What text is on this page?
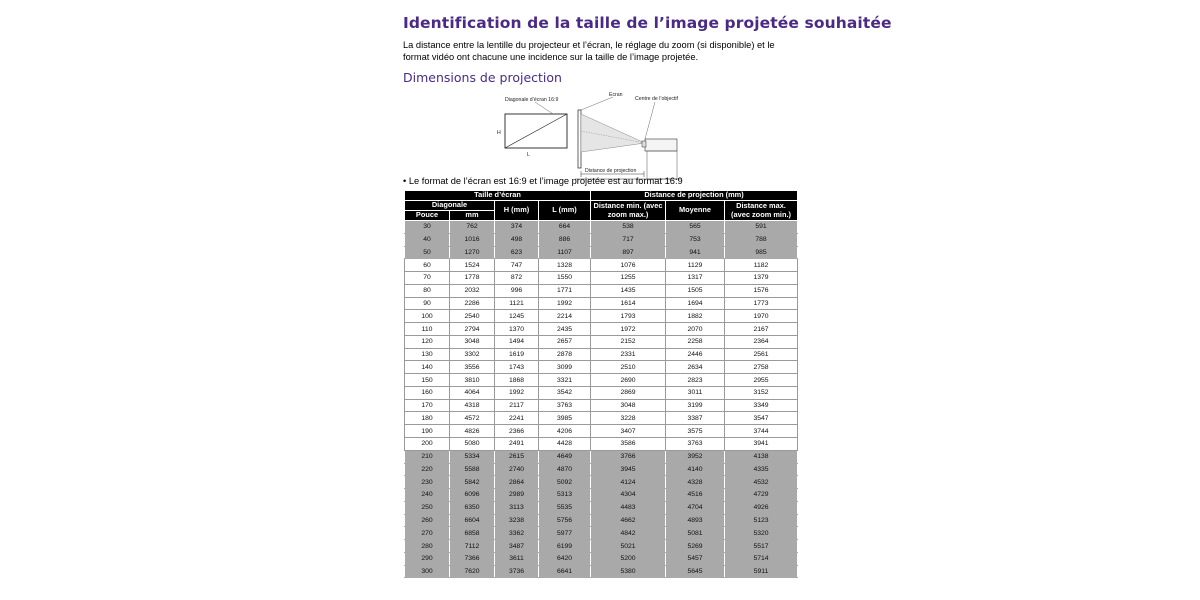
Identification de la taille de l’image projetée souhaitée
La distance entre la lentille du projecteur et l’écran, le réglage du zoom (si disponible) et le format vidéo ont chacune une incidence sur la taille de l’image projetée.
Dimensions de projection
Diagonale d’écran 16:9
H
L
Écran
Centre de l’objectif
Distance de projection
• Le format de l’écran est 16:9 et l’image projetée est au format 16:9
Taille d’écran				Distance de projection (mm)		
Diagonale		H (mm)	L (mm)	Distance min. (avec zoom max.)	Moyenne	Distance max. (avec zoom min.)
Pouce	mm					
30	762	374	664	538	565	591
40	1016	498	886	717	753	788
50	1270	623	1107	897	941	985
60	1524	747	1328	1076	1129	1182
70	1778	872	1550	1255	1317	1379
80	2032	996	1771	1435	1505	1576
90	2286	1121	1992	1614	1694	1773
100	2540	1245	2214	1793	1882	1970
110	2794	1370	2435	1972	2070	2167
120	3048	1494	2657	2152	2258	2364
130	3302	1619	2878	2331	2446	2561
140	3556	1743	3099	2510	2634	2758
150	3810	1868	3321	2690	2823	2955
160	4064	1992	3542	2869	3011	3152
170	4318	2117	3763	3048	3199	3349
180	4572	2241	3985	3228	3387	3547
190	4826	2366	4206	3407	3575	3744
200	5080	2491	4428	3586	3763	3941
210	5334	2615	4649	3766	3952	4138
220	5588	2740	4870	3945	4140	4335
230	5842	2864	5092	4124	4328	4532
240	6096	2989	5313	4304	4516	4729
250	6350	3113	5535	4483	4704	4926
260	6604	3238	5756	4662	4893	5123
270	6858	3362	5977	4842	5081	5320
280	7112	3487	6199	5021	5269	5517
290	7366	3611	6420	5200	5457	5714
300	7620	3736	6641	5380	5645	5911
